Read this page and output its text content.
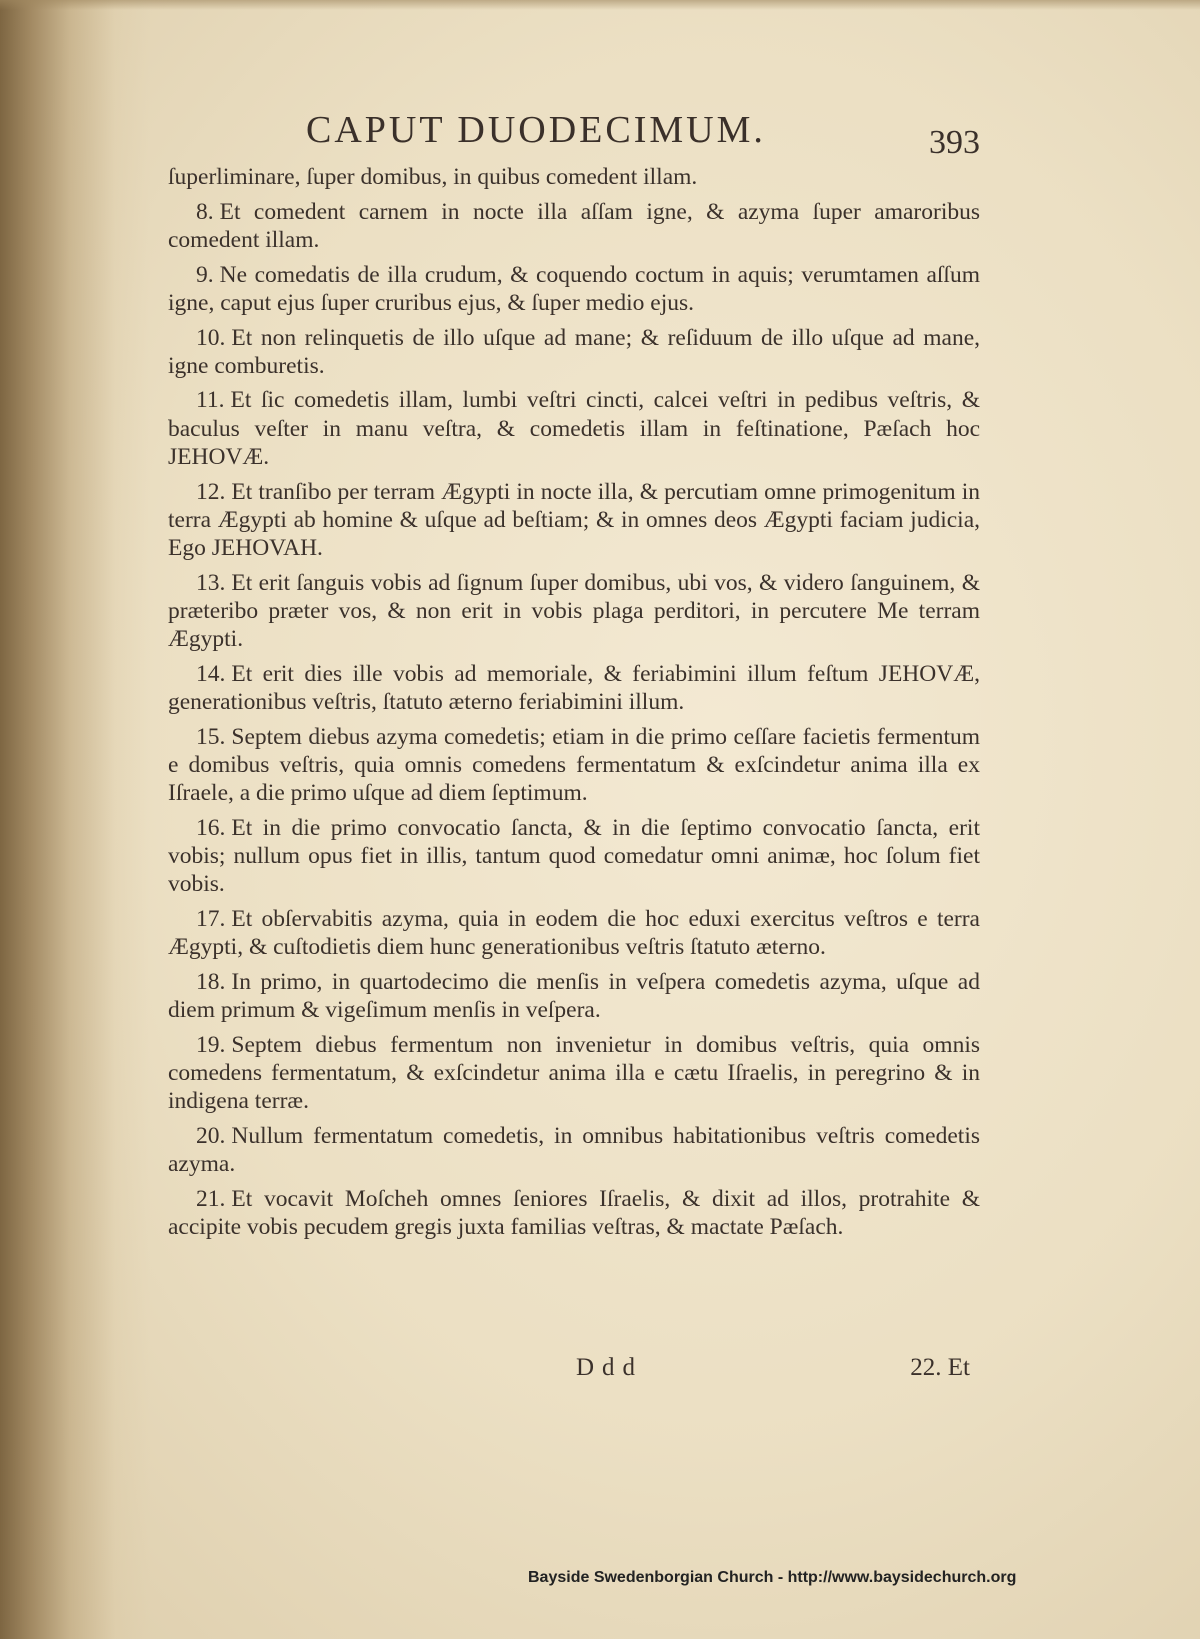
CAPUT DUODECIMUM.	393

ſuperliminare, ſuper domibus, in quibus comedent illam.

8. Et comedent carnem in nocte illa aſſam igne, & azyma ſuper amaroribus comedent illam.

9. Ne comedatis de illa crudum, & coquendo coctum in aquis; verumtamen aſſum igne, caput ejus ſuper cruribus ejus, & ſuper medio ejus.

10. Et non relinquetis de illo uſque ad mane; & reſiduum de illo uſque ad mane, igne comburetis.

11. Et ſic comedetis illam, lumbi veſtri cincti, calcei veſtri in pedibus veſtris, & baculus veſter in manu veſtra, & comedetis illam in feſtinatione, Pæſach hoc JEHOVÆ.

12. Et tranſibo per terram Ægypti in nocte illa, & percutiam omne primogenitum in terra Ægypti ab homine & uſque ad beſtiam; & in omnes deos Ægypti faciam judicia, Ego JEHOVAH.

13. Et erit ſanguis vobis ad ſignum ſuper domibus, ubi vos, & videro ſanguinem, & præteribo præter vos, & non erit in vobis plaga perditori, in percutere Me terram Ægypti.

14. Et erit dies ille vobis ad memoriale, & feriabimini illum feſtum JEHOVÆ, generationibus veſtris, ſtatuto æterno feriabimini illum.

15. Septem diebus azyma comedetis; etiam in die primo ceſſare facietis fermentum e domibus veſtris, quia omnis comedens fermentatum & exſcindetur anima illa ex Iſraele, a die primo uſque ad diem ſeptimum.

16. Et in die primo convocatio ſancta, & in die ſeptimo convocatio ſancta, erit vobis; nullum opus fiet in illis, tantum quod comedatur omni animæ, hoc ſolum fiet vobis.

17. Et obſervabitis azyma, quia in eodem die hoc eduxi exercitus veſtros e terra Ægypti, & cuſtodietis diem hunc generationibus veſtris ſtatuto æterno.

18. In primo, in quartodecimo die menſis in veſpera comedetis azyma, uſque ad diem primum & vigeſimum menſis in veſpera.

19. Septem diebus fermentum non invenietur in domibus veſtris, quia omnis comedens fermentatum, & exſcindetur anima illa e cætu Iſraelis, in peregrino & in indigena terræ.

20. Nullum fermentatum comedetis, in omnibus habitationibus veſtris comedetis azyma.

21. Et vocavit Moſcheh omnes ſeniores Iſraelis, & dixit ad illos, protrahite & accipite vobis pecudem gregis juxta familias veſtras, & mactate Pæſach.

Ddd	22. Et
Bayside Swedenborgian Church - http://www.baysidechurch.org
